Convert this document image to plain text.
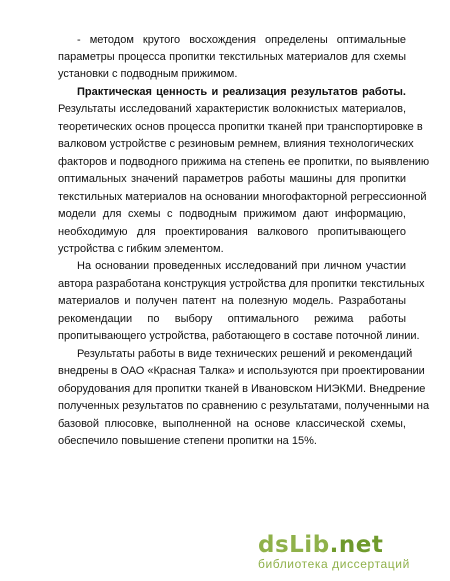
- методом крутого восхождения определены оптимальные
параметры процесса пропитки текстильных материалов для схемы
установки с подводным прижимом.
Практическая ценность и реализация результатов работы.
Результаты исследований характеристик волокнистых материалов,
теоретических основ процесса пропитки тканей при транспортировке в
валковом устройстве с резиновым ремнем, влияния технологических
факторов и подводного прижима на степень ее пропитки, по выявлению
оптимальных значений параметров работы машины для пропитки
текстильных материалов на основании многофакторной регрессионной
модели для схемы с подводным прижимом дают информацию,
необходимую для проектирования валкового пропитывающего
устройства с гибким элементом.
На основании проведенных исследований при личном участии
автора разработана конструкция устройства для пропитки текстильных
материалов и получен патент на полезную модель. Разработаны
рекомендации по выбору оптимального режима работы
пропитывающего устройства, работающего в составе поточной линии.
Результаты работы в виде технических решений и рекомендаций
внедрены в ОАО «Красная Талка» и используются при проектировании
оборудования для пропитки тканей в Ивановском НИЭКМИ. Внедрение
полученных результатов по сравнению с результатами, полученными на
базовой плюсовке, выполненной на основе классической схемы,
обеспечило повышение степени пропитки на 15%.
dsLib.net
библиотека диссертаций
